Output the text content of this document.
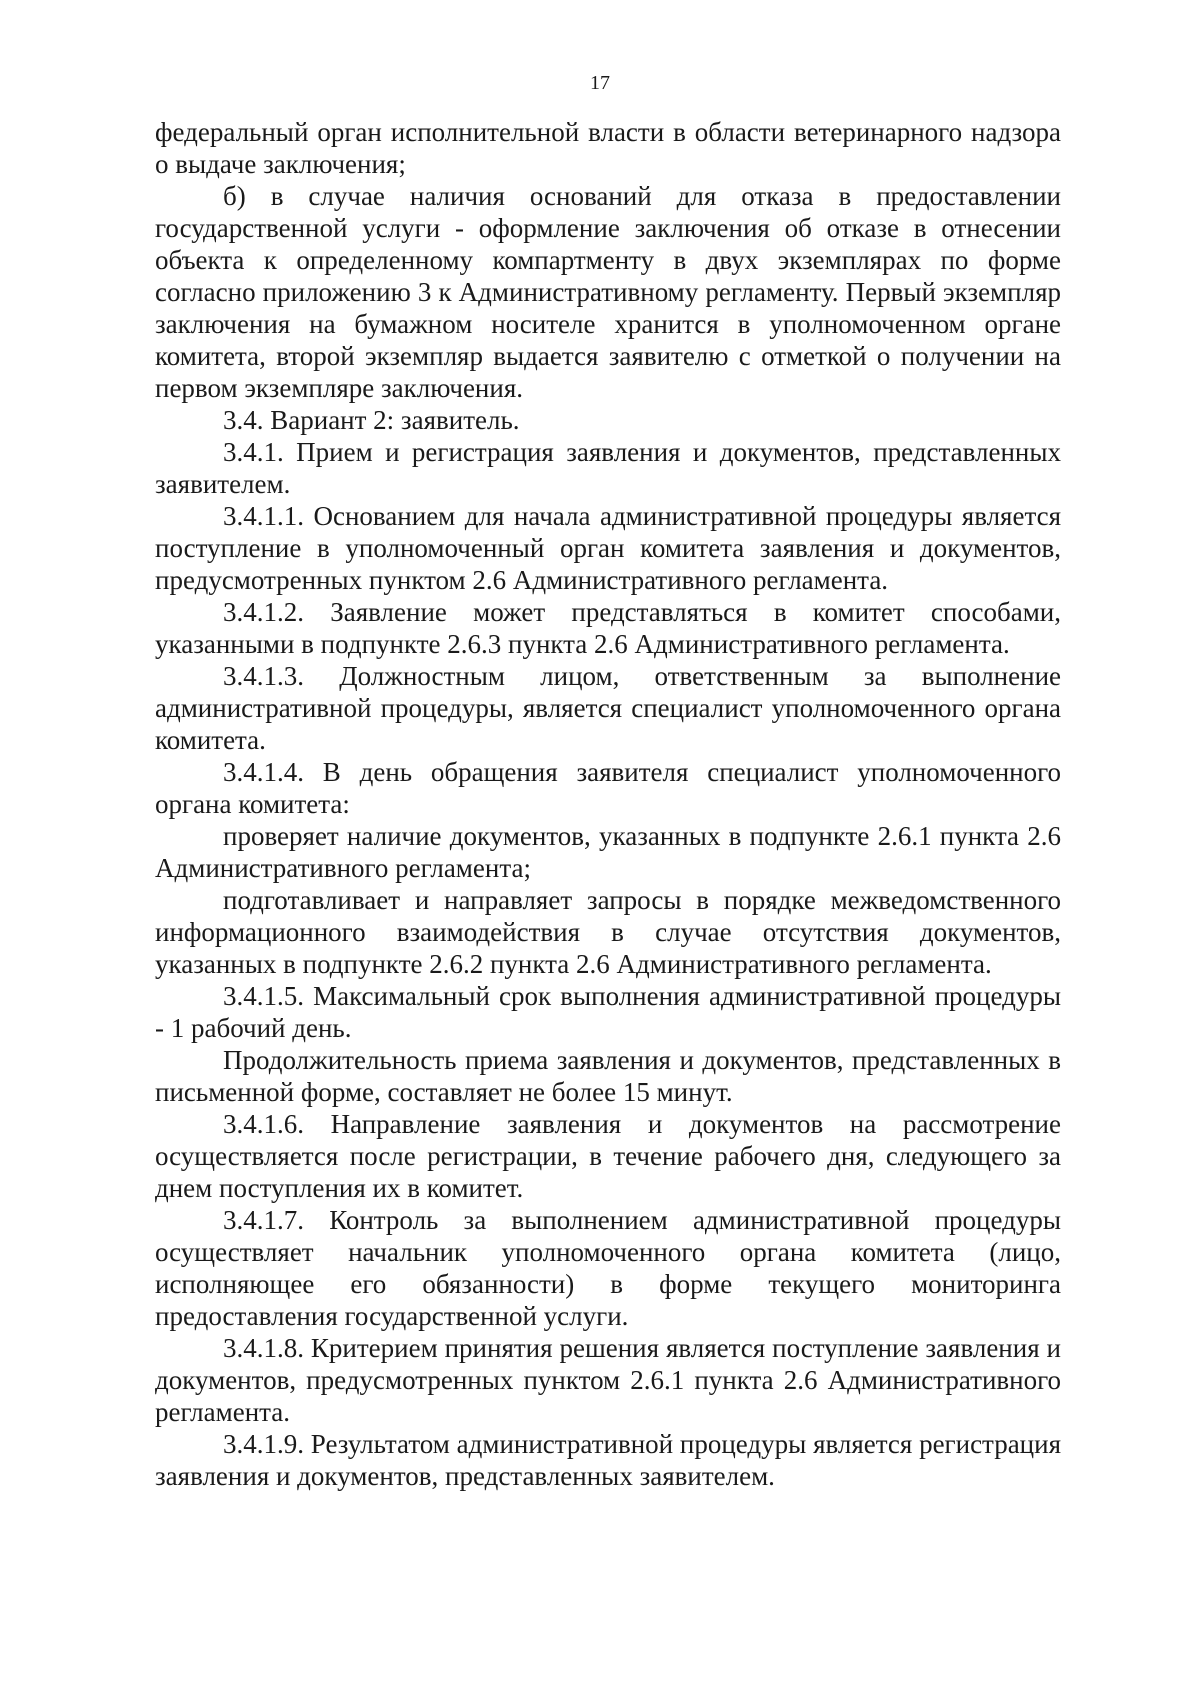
17

федеральный орган исполнительной власти в области ветеринарного надзора о выдаче заключения;

б) в случае наличия оснований для отказа в предоставлении государственной услуги - оформление заключения об отказе в отнесении объекта к определенному компартменту в двух экземплярах по форме согласно приложению 3 к Административному регламенту. Первый экземпляр заключения на бумажном носителе хранится в уполномоченном органе комитета, второй экземпляр выдается заявителю с отметкой о получении на первом экземпляре заключения.

3.4. Вариант 2: заявитель.

3.4.1. Прием и регистрация заявления и документов, представленных заявителем.

3.4.1.1. Основанием для начала административной процедуры является поступление в уполномоченный орган комитета заявления и документов, предусмотренных пунктом 2.6 Административного регламента.

3.4.1.2. Заявление может представляться в комитет способами, указанными в подпункте 2.6.3 пункта 2.6 Административного регламента.

3.4.1.3. Должностным лицом, ответственным за выполнение административной процедуры, является специалист уполномоченного органа комитета.

3.4.1.4. В день обращения заявителя специалист уполномоченного органа комитета:

проверяет наличие документов, указанных в подпункте 2.6.1 пункта 2.6 Административного регламента;

подготавливает и направляет запросы в порядке межведомственного информационного взаимодействия в случае отсутствия документов, указанных в подпункте 2.6.2 пункта 2.6 Административного регламента.

3.4.1.5. Максимальный срок выполнения административной процедуры - 1 рабочий день.

Продолжительность приема заявления и документов, представленных в письменной форме, составляет не более 15 минут.

3.4.1.6. Направление заявления и документов на рассмотрение осуществляется после регистрации, в течение рабочего дня, следующего за днем поступления их в комитет.

3.4.1.7. Контроль за выполнением административной процедуры осуществляет начальник уполномоченного органа комитета (лицо, исполняющее его обязанности) в форме текущего мониторинга предоставления государственной услуги.

3.4.1.8. Критерием принятия решения является поступление заявления и документов, предусмотренных пунктом 2.6.1 пункта 2.6 Административного регламента.

3.4.1.9. Результатом административной процедуры является регистрация заявления и документов, представленных заявителем.
